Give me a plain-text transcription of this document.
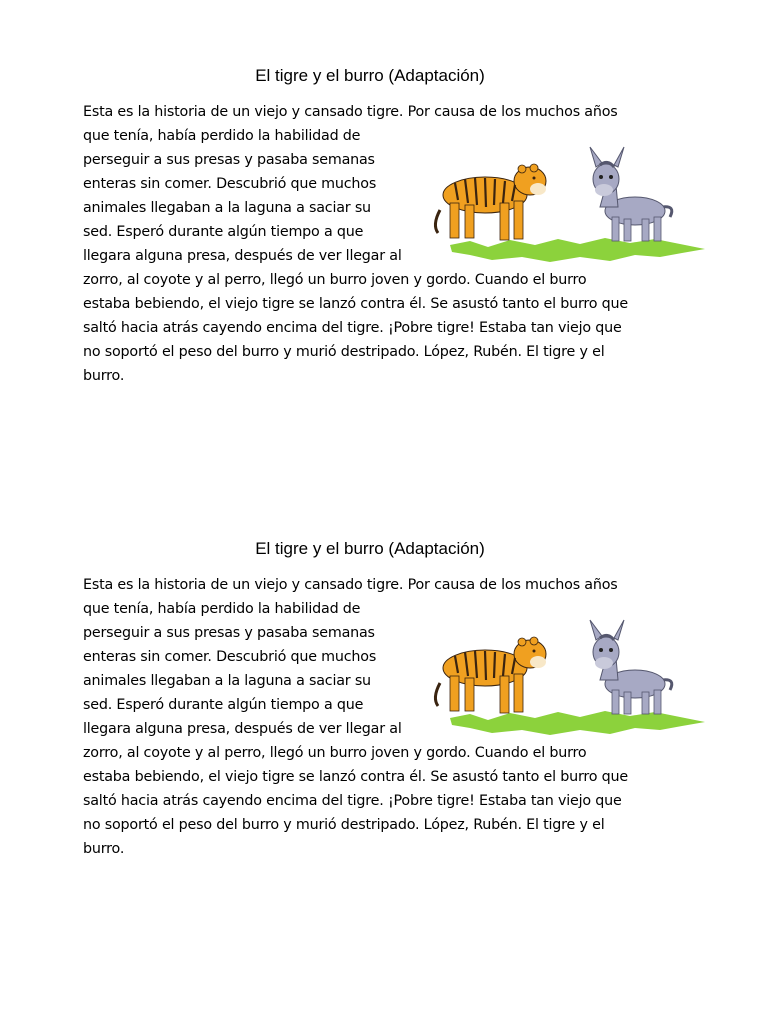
El tigre y el burro (Adaptación)
Esta es la historia de un viejo y cansado tigre. Por causa de los muchos años
que tenía, había perdido la habilidad de
perseguir a sus presas y pasaba semanas
enteras sin comer. Descubrió que muchos
animales llegaban a la laguna a saciar su
sed. Esperó durante algún tiempo a que
llegara alguna presa, después de ver llegar al
zorro, al coyote y al perro, llegó un burro joven y gordo. Cuando el burro
estaba bebiendo, el viejo tigre se lanzó contra él. Se asustó tanto el burro que
saltó hacia atrás cayendo encima del tigre. ¡Pobre tigre! Estaba tan viejo que
no soportó el peso del burro y murió destripado. López, Rubén. El tigre y el
burro.
El tigre y el burro (Adaptación)
Esta es la historia de un viejo y cansado tigre. Por causa de los muchos años
que tenía, había perdido la habilidad de
perseguir a sus presas y pasaba semanas
enteras sin comer. Descubrió que muchos
animales llegaban a la laguna a saciar su
sed. Esperó durante algún tiempo a que
llegara alguna presa, después de ver llegar al
zorro, al coyote y al perro, llegó un burro joven y gordo. Cuando el burro
estaba bebiendo, el viejo tigre se lanzó contra él. Se asustó tanto el burro que
saltó hacia atrás cayendo encima del tigre. ¡Pobre tigre! Estaba tan viejo que
no soportó el peso del burro y murió destripado. López, Rubén. El tigre y el
burro.
